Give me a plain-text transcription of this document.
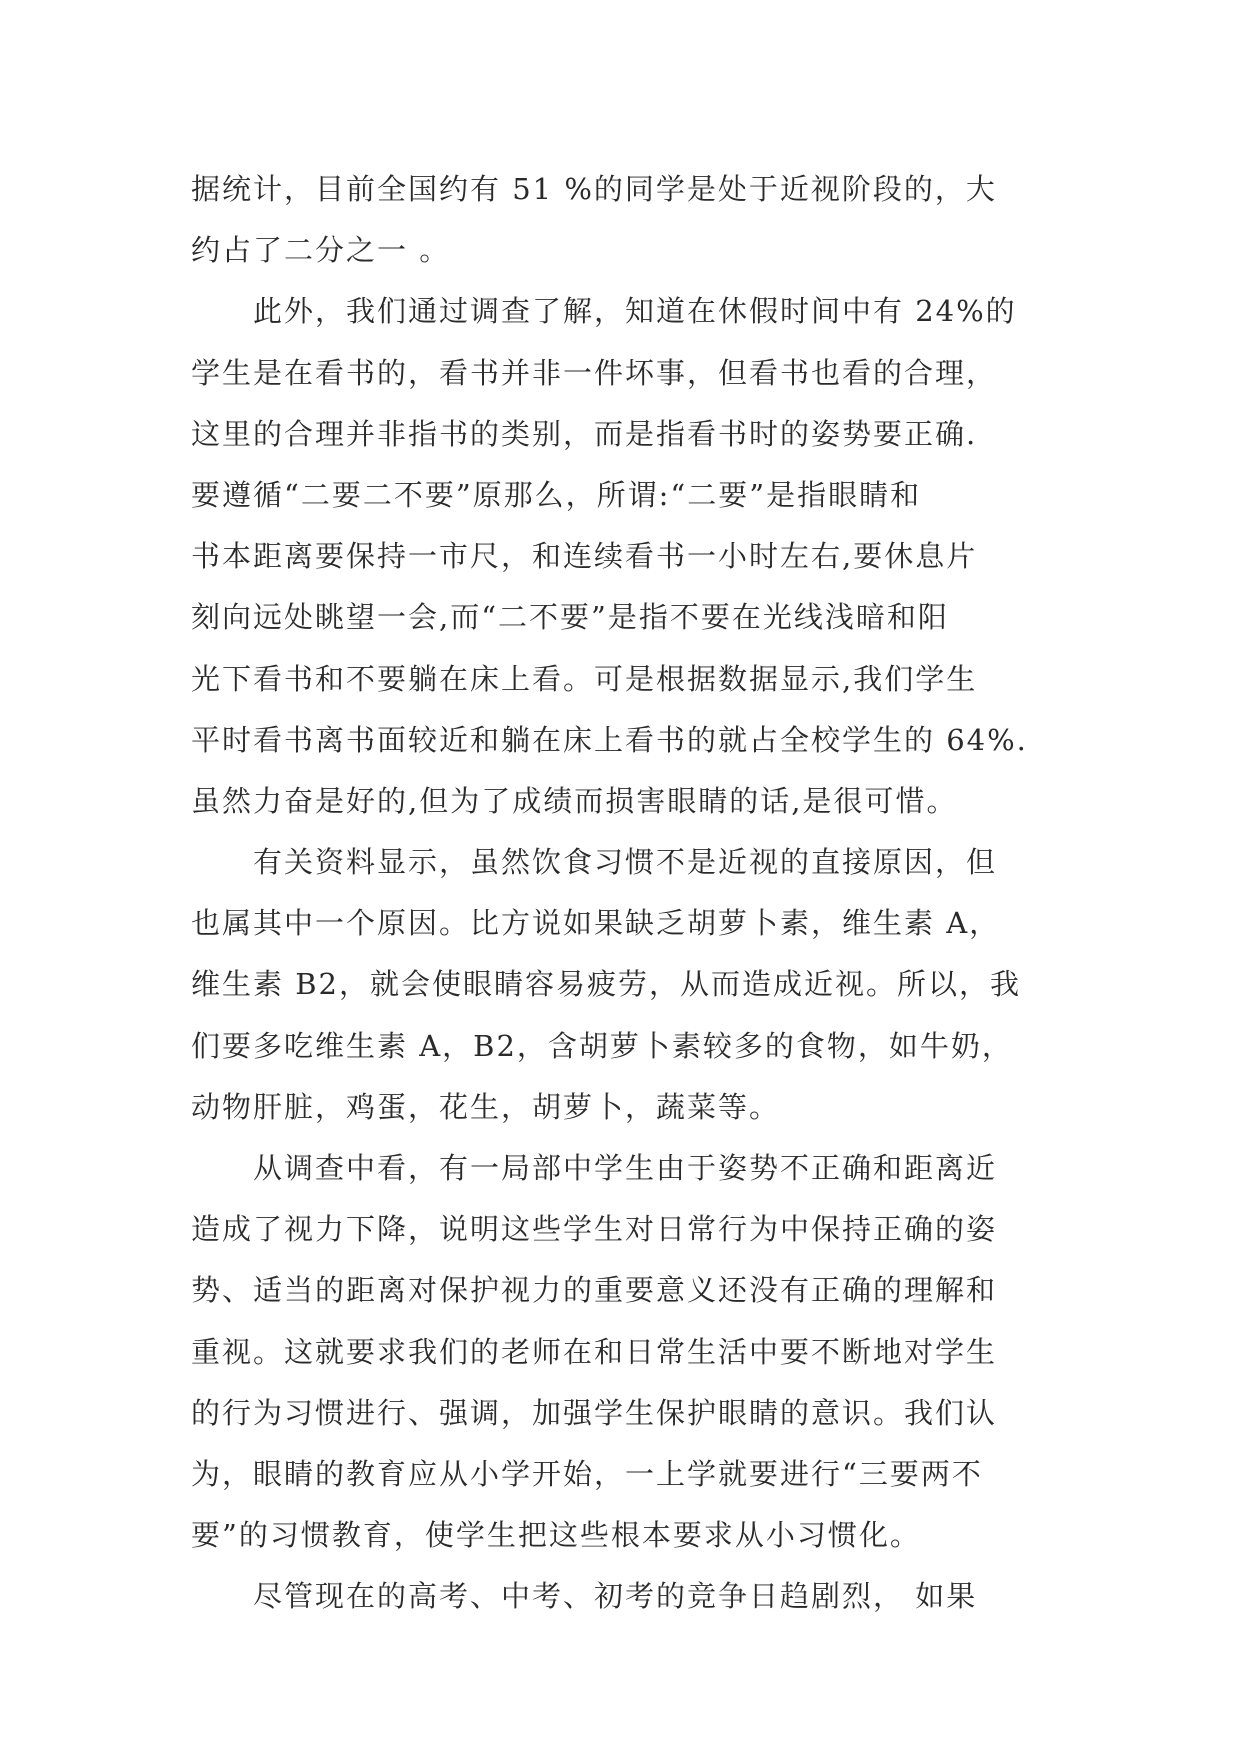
据统计，目前全国约有 51 %的同学是处于近视阶段的，大
约占了二分之一 。
此外，我们通过调查了解，知道在休假时间中有 24%的
学生是在看书的，看书并非一件坏事，但看书也看的合理，
这里的合理并非指书的类别，而是指看书时的姿势要正确.
要遵循“二要二不要”原那么，所谓:“二要”是指眼睛和
书本距离要保持一市尺，和连续看书一小时左右,要休息片
刻向远处眺望一会,而“二不要”是指不要在光线浅暗和阳
光下看书和不要躺在床上看。可是根据数据显示,我们学生
平时看书离书面较近和躺在床上看书的就占全校学生的 64%.
虽然力奋是好的,但为了成绩而损害眼睛的话,是很可惜。
有关资料显示，虽然饮食习惯不是近视的直接原因，但
也属其中一个原因。比方说如果缺乏胡萝卜素，维生素 A，
维生素 B2，就会使眼睛容易疲劳，从而造成近视。所以，我
们要多吃维生素 A，B2，含胡萝卜素较多的食物，如牛奶，
动物肝脏，鸡蛋，花生，胡萝卜，蔬菜等。
从调查中看，有一局部中学生由于姿势不正确和距离近
造成了视力下降，说明这些学生对日常行为中保持正确的姿
势、适当的距离对保护视力的重要意义还没有正确的理解和
重视。这就要求我们的老师在和日常生活中要不断地对学生
的行为习惯进行、强调，加强学生保护眼睛的意识。我们认
为，眼睛的教育应从小学开始，一上学就要进行“三要两不
要”的习惯教育，使学生把这些根本要求从小习惯化。
尽管现在的高考、中考、初考的竞争日趋剧烈， 如果
